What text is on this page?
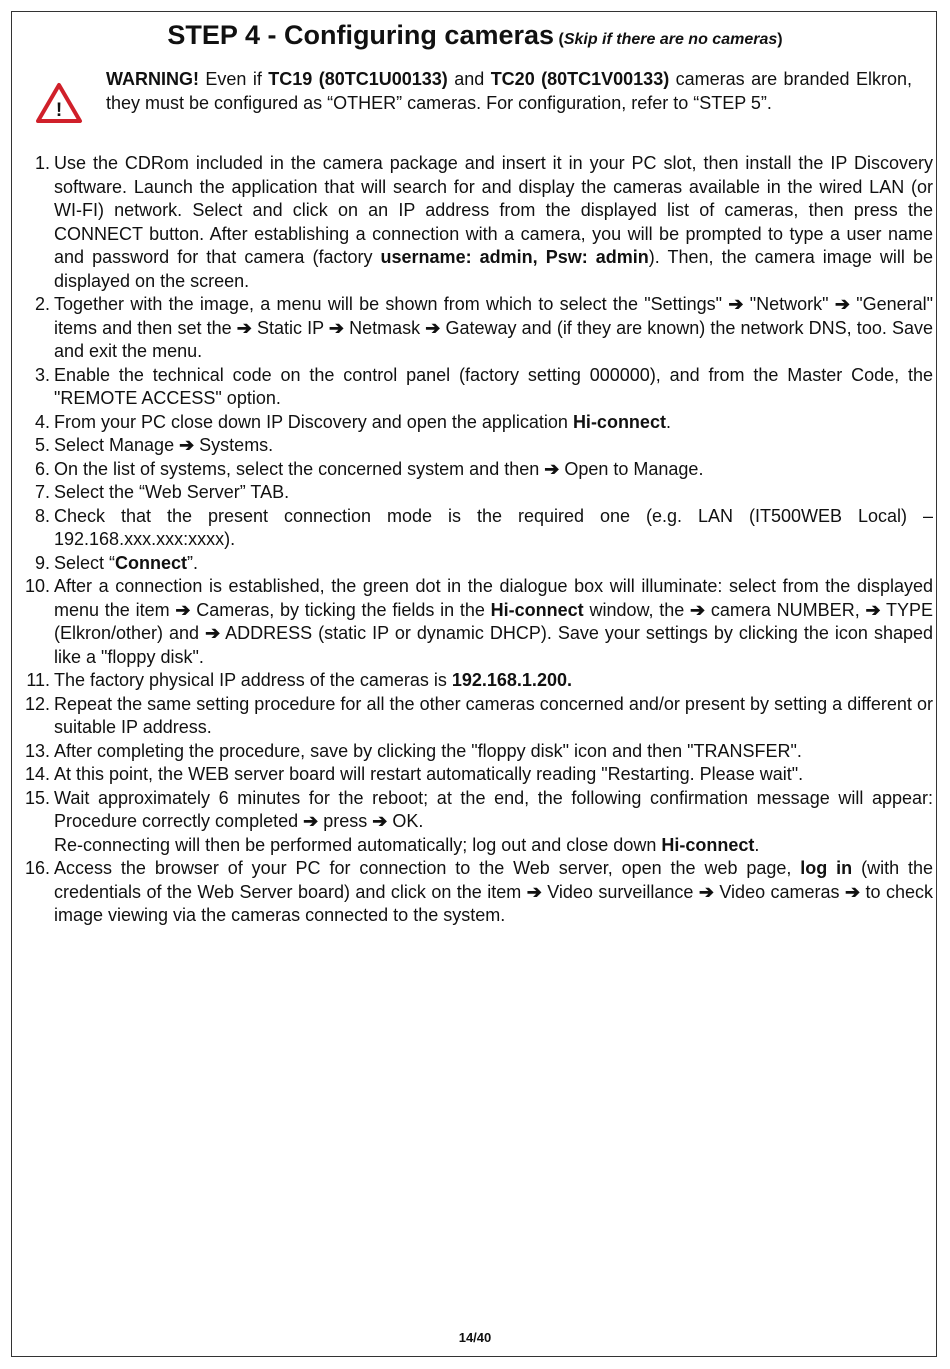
STEP 4 - Configuring cameras (Skip if there are no cameras)
!
WARNING! Even if TC19 (80TC1U00133) and TC20 (80TC1V00133) cameras are branded Elkron, they must be configured as “OTHER” cameras. For configuration, refer to “STEP 5”.
1. Use the CDRom included in the camera package and insert it in your PC slot, then install the IP Discovery software. Launch the application that will search for and display the cameras available in the wired LAN (or WI-FI) network. Select and click on an IP address from the displayed list of cameras, then press the CONNECT button. After establishing a connection with a camera, you will be prompted to type a user name and password for that camera (factory username: admin, Psw: admin). Then, the camera image will be displayed on the screen.
2. Together with the image, a menu will be shown from which to select the "Settings" ➔ "Network" ➔ "General" items and then set the ➔ Static IP ➔ Netmask ➔ Gateway and (if they are known) the network DNS, too. Save and exit the menu.
3. Enable the technical code on the control panel (factory setting 000000), and from the Master Code, the "REMOTE ACCESS" option.
4. From your PC close down IP Discovery and open the application Hi-connect.
5. Select Manage ➔ Systems.
6. On the list of systems, select the concerned system and then ➔ Open to Manage.
7. Select the “Web Server” TAB.
8. Check that the present connection mode is the required one (e.g. LAN (IT500WEB Local) – 192.168.xxx.xxx:xxxx).
9. Select “Connect”.
10. After a connection is established, the green dot in the dialogue box will illuminate: select from the displayed menu the item ➔ Cameras, by ticking the fields in the Hi-connect window, the ➔ camera NUMBER, ➔ TYPE (Elkron/other) and ➔ ADDRESS (static IP or dynamic DHCP). Save your settings by clicking the icon shaped like a "floppy disk".
11. The factory physical IP address of the cameras is 192.168.1.200.
12. Repeat the same setting procedure for all the other cameras concerned and/or present by setting a different or suitable IP address.
13. After completing the procedure, save by clicking the "floppy disk" icon and then "TRANSFER".
14. At this point, the WEB server board will restart automatically reading "Restarting. Please wait".
15. Wait approximately 6 minutes for the reboot; at the end, the following confirmation message will appear: Procedure correctly completed ➔ press ➔ OK.
Re-connecting will then be performed automatically; log out and close down Hi-connect.
16. Access the browser of your PC for connection to the Web server, open the web page, log in (with the credentials of the Web Server board) and click on the item ➔ Video surveillance ➔ Video cameras ➔ to check image viewing via the cameras connected to the system.
14/40
